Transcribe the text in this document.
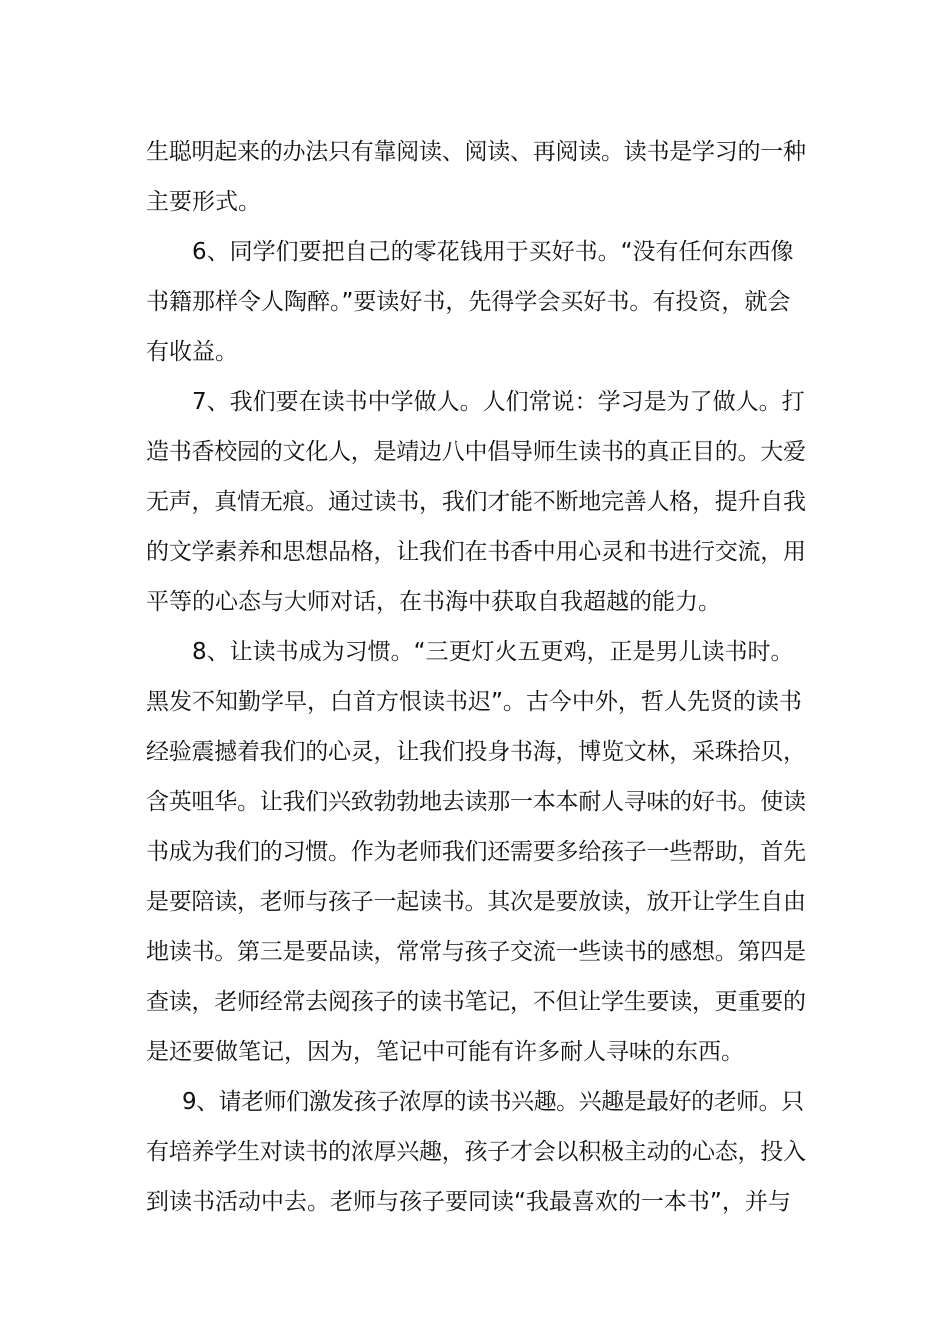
生聪明起来的办法只有靠阅读、阅读、再阅读。读书是学习的一种
主要形式。
6、同学们要把自己的零花钱用于买好书。“没有任何东西像
书籍那样令人陶醉。”要读好书，先得学会买好书。有投资，就会
有收益。
7、我们要在读书中学做人。人们常说：学习是为了做人。打
造书香校园的文化人，是靖边八中倡导师生读书的真正目的。大爱
无声，真情无痕。通过读书，我们才能不断地完善人格，提升自我
的文学素养和思想品格，让我们在书香中用心灵和书进行交流，用
平等的心态与大师对话，在书海中获取自我超越的能力。
8、让读书成为习惯。“三更灯火五更鸡，正是男儿读书时。
黑发不知勤学早，白首方恨读书迟”。古今中外，哲人先贤的读书
经验震撼着我们的心灵，让我们投身书海，博览文林，采珠拾贝，
含英咀华。让我们兴致勃勃地去读那一本本耐人寻味的好书。使读
书成为我们的习惯。作为老师我们还需要多给孩子一些帮助，首先
是要陪读，老师与孩子一起读书。其次是要放读，放开让学生自由
地读书。第三是要品读，常常与孩子交流一些读书的感想。第四是
查读，老师经常去阅孩子的读书笔记，不但让学生要读，更重要的
是还要做笔记，因为，笔记中可能有许多耐人寻味的东西。
9、请老师们激发孩子浓厚的读书兴趣。兴趣是最好的老师。只
有培养学生对读书的浓厚兴趣，孩子才会以积极主动的心态，投入
到读书活动中去。老师与孩子要同读“我最喜欢的一本书”，并与
